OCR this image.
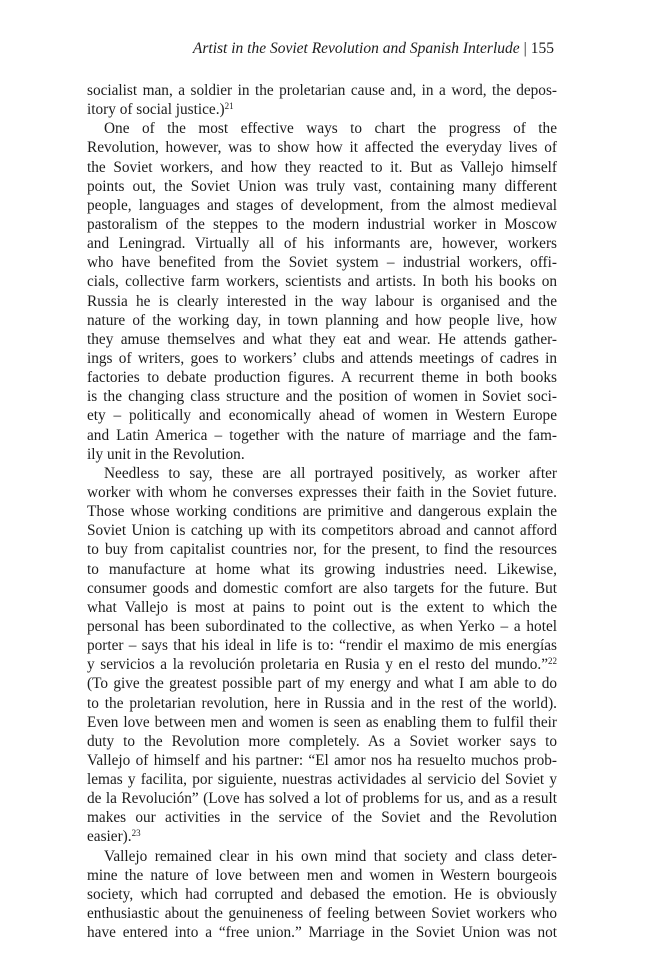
Artist in the Soviet Revolution and Spanish Interlude | 155
socialist man, a soldier in the proletarian cause and, in a word, the depos-
itory of social justice.)$^{21}$
One of the most effective ways to chart the progress of the
Revolution, however, was to show how it affected the everyday lives of
the Soviet workers, and how they reacted to it. But as Vallejo himself
points out, the Soviet Union was truly vast, containing many different
people, languages and stages of development, from the almost medieval
pastoralism of the steppes to the modern industrial worker in Moscow
and Leningrad. Virtually all of his informants are, however, workers
who have benefited from the Soviet system – industrial workers, offi-
cials, collective farm workers, scientists and artists. In both his books on
Russia he is clearly interested in the way labour is organised and the
nature of the working day, in town planning and how people live, how
they amuse themselves and what they eat and wear. He attends gather-
ings of writers, goes to workers’ clubs and attends meetings of cadres in
factories to debate production figures. A recurrent theme in both books
is the changing class structure and the position of women in Soviet soci-
ety – politically and economically ahead of women in Western Europe
and Latin America – together with the nature of marriage and the fam-
ily unit in the Revolution.
Needless to say, these are all portrayed positively, as worker after
worker with whom he converses expresses their faith in the Soviet future.
Those whose working conditions are primitive and dangerous explain the
Soviet Union is catching up with its competitors abroad and cannot afford
to buy from capitalist countries nor, for the present, to find the resources
to manufacture at home what its growing industries need. Likewise,
consumer goods and domestic comfort are also targets for the future. But
what Vallejo is most at pains to point out is the extent to which the
personal has been subordinated to the collective, as when Yerko – a hotel
porter – says that his ideal in life is to: “rendir el maximo de mis energías
y servicios a la revolución proletaria en Rusia y en el resto del mundo.”$^{22}$
(To give the greatest possible part of my energy and what I am able to do
to the proletarian revolution, here in Russia and in the rest of the world).
Even love between men and women is seen as enabling them to fulfil their
duty to the Revolution more completely. As a Soviet worker says to
Vallejo of himself and his partner: “El amor nos ha resuelto muchos prob-
lemas y facilita, por siguiente, nuestras actividades al servicio del Soviet y
de la Revolución” (Love has solved a lot of problems for us, and as a result
makes our activities in the service of the Soviet and the Revolution
easier).$^{23}$
Vallejo remained clear in his own mind that society and class deter-
mine the nature of love between men and women in Western bourgeois
society, which had corrupted and debased the emotion. He is obviously
enthusiastic about the genuineness of feeling between Soviet workers who
have entered into a “free union.” Marriage in the Soviet Union was not
